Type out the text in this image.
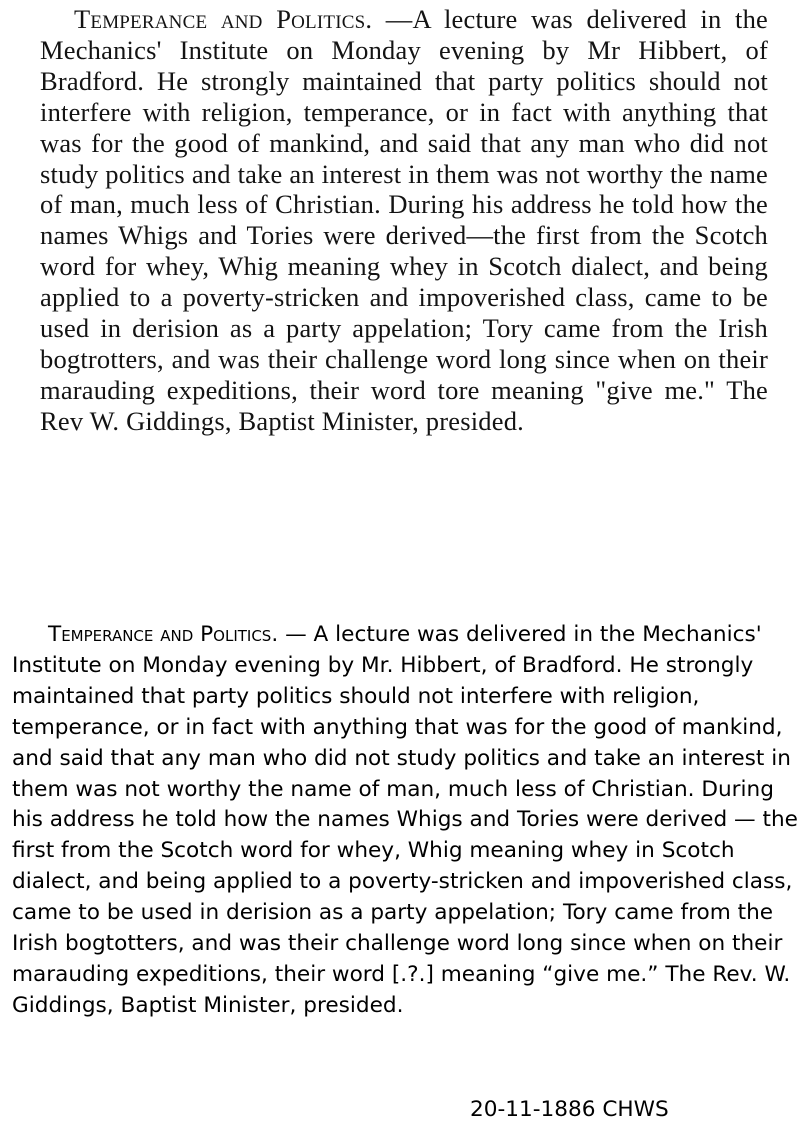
Temperance and Politics. —A lecture was delivered in the Mechanics' Institute on Monday evening by Mr Hibbert, of Bradford. He strongly maintained that party politics should not interfere with religion, temperance, or in fact with anything that was for the good of mankind, and said that any man who did not study politics and take an interest in them was not worthy the name of man, much less of Christian. During his address he told how the names Whigs and Tories were derived—the first from the Scotch word for whey, Whig meaning whey in Scotch dialect, and being applied to a poverty-stricken and impoverished class, came to be used in derision as a party appelation; Tory came from the Irish bogtrotters, and was their challenge word long since when on their marauding expeditions, their word tore meaning "give me." The Rev W. Giddings, Baptist Minister, presided.

Temperance and Politics. — A lecture was delivered in the Mechanics' Institute on Monday evening by Mr. Hibbert, of Bradford. He strongly maintained that party politics should not interfere with religion, temperance, or in fact with anything that was for the good of mankind, and said that any man who did not study politics and take an interest in them was not worthy the name of man, much less of Christian. During his address he told how the names Whigs and Tories were derived — the first from the Scotch word for whey, Whig meaning whey in Scotch dialect, and being applied to a poverty-stricken and impoverished class, came to be used in derision as a party appelation; Tory came from the Irish bogtotters, and was their challenge word long since when on their marauding expeditions, their word [.?.] meaning “give me.” The Rev. W. Giddings, Baptist Minister, presided.

20-11-1886 CHWS
